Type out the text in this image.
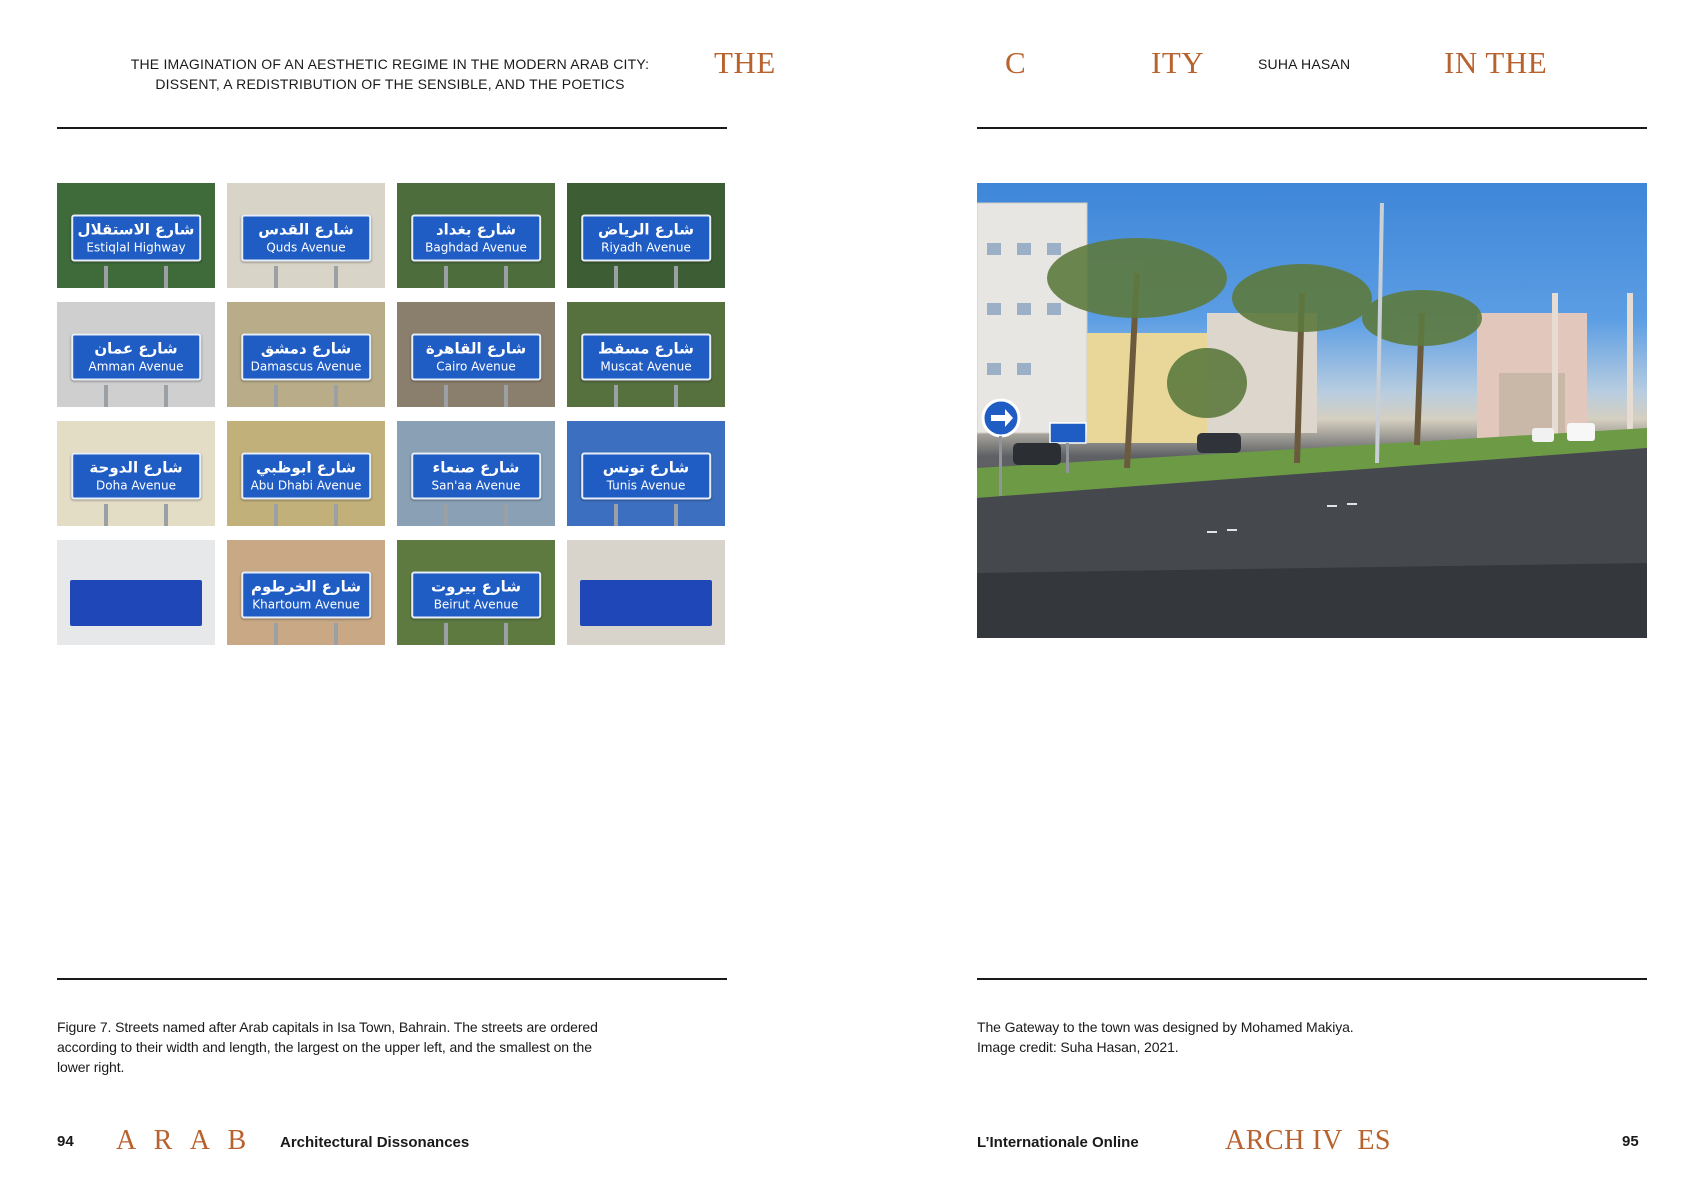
THE IMAGINATION OF AN AESTHETIC REGIME IN THE MODERN ARAB CITY:
DISSENT, A REDISTRIBUTION OF THE SENSIBLE, AND THE POETICS
THE
شارع الاستقلال
Estiqlal Highway
شارع القدس
Quds Avenue
شارع بغداد
Baghdad Avenue
شارع الرياض
Riyadh Avenue
شارع عمان
Amman Avenue
شارع دمشق
Damascus Avenue
شارع القاهرة
Cairo Avenue
شارع مسقط
Muscat Avenue
شارع الدوحة
Doha Avenue
شارع ابوظبي
Abu Dhabi Avenue
شارع صنعاء
San'aa Avenue
شارع تونس
Tunis Avenue
شارع الخرطوم
Khartoum Avenue
شارع بيروت
Beirut Avenue
Figure 7. Streets named after Arab capitals in Isa Town, Bahrain. The streets are ordered
according to their width and length, the largest on the upper left, and the smallest on the
lower right.
94 A R A B Architectural Dissonances
C	ITY	SUHA HASAN	IN THE
The Gateway to the town was designed by Mohamed Makiya.
Image credit: Suha Hasan, 2021.
L’Internationale Online	ARCH IV  ES	95
